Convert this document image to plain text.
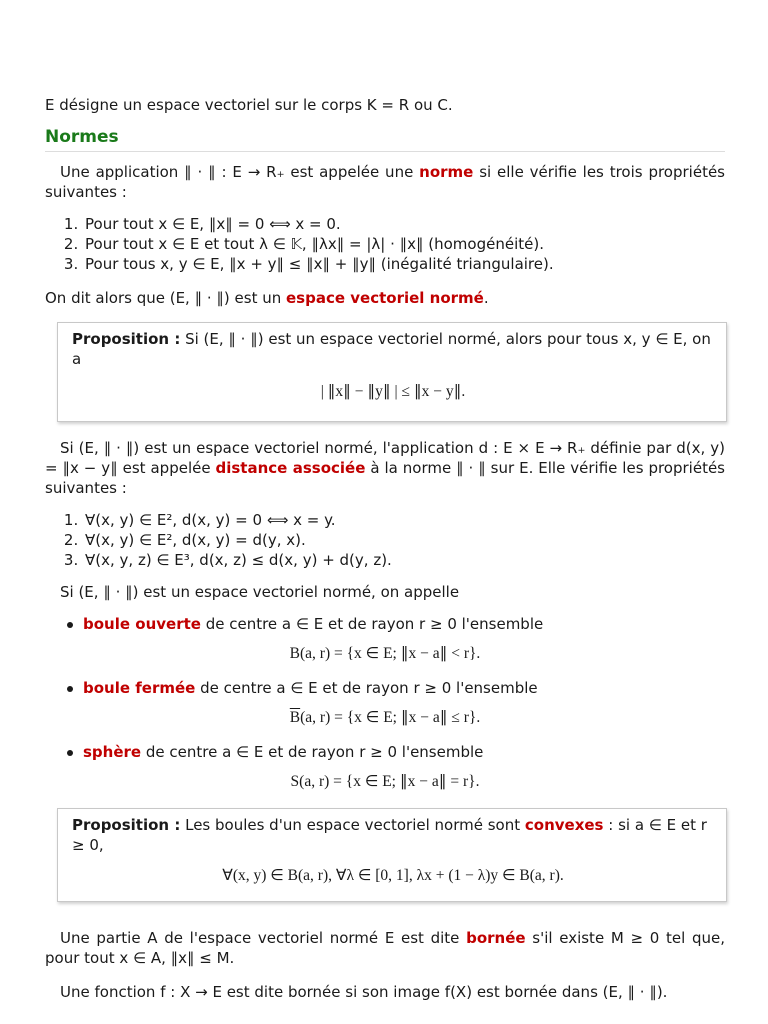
E désigne un espace vectoriel sur le corps K = R ou C.

Normes

Une application ∥ · ∥ : E → R₊ est appelée une norme si elle vérifie les trois propriétés suivantes :

1. Pour tout x ∈ E, ∥x∥ = 0 ⟺ x = 0.
2. Pour tout x ∈ E et tout λ ∈ 𝕂, ∥λx∥ = |λ| · ∥x∥ (homogénéité).
3. Pour tous x, y ∈ E, ∥x + y∥ ≤ ∥x∥ + ∥y∥ (inégalité triangulaire).

On dit alors que (E, ∥ · ∥) est un espace vectoriel normé.

Proposition : Si (E, ∥ · ∥) est un espace vectoriel normé, alors pour tous x, y ∈ E, on a

| ∥x∥ − ∥y∥ | ≤ ∥x − y∥.

Si (E, ∥ · ∥) est un espace vectoriel normé, l'application d : E × E → R₊ définie par d(x, y) = ∥x − y∥ est appelée distance associée à la norme ∥ · ∥ sur E. Elle vérifie les propriétés suivantes :

1. ∀(x, y) ∈ E², d(x, y) = 0 ⟺ x = y.
2. ∀(x, y) ∈ E², d(x, y) = d(y, x).
3. ∀(x, y, z) ∈ E³, d(x, z) ≤ d(x, y) + d(y, z).

Si (E, ∥ · ∥) est un espace vectoriel normé, on appelle

boule ouverte de centre a ∈ E et de rayon r ≥ 0 l'ensemble
B(a, r) = {x ∈ E; ∥x − a∥ < r}.
boule fermée de centre a ∈ E et de rayon r ≥ 0 l'ensemble
$\overline{B}(a$, r) = {x ∈ E; ∥x − a∥ ≤ r}.
sphère de centre a ∈ E et de rayon r ≥ 0 l'ensemble
S(a, r) = {x ∈ E; ∥x − a∥ = r}.

Proposition : Les boules d'un espace vectoriel normé sont convexes : si a ∈ E et r ≥ 0,

∀(x, y) ∈ B(a, r), ∀λ ∈ [0, 1], λx + (1 − λ)y ∈ B(a, r).

Une partie A de l'espace vectoriel normé E est dite bornée s'il existe M ≥ 0 tel que, pour tout x ∈ A, ∥x∥ ≤ M.

Une fonction f : X → E est dite bornée si son image f(X) est bornée dans (E, ∥ · ∥).
